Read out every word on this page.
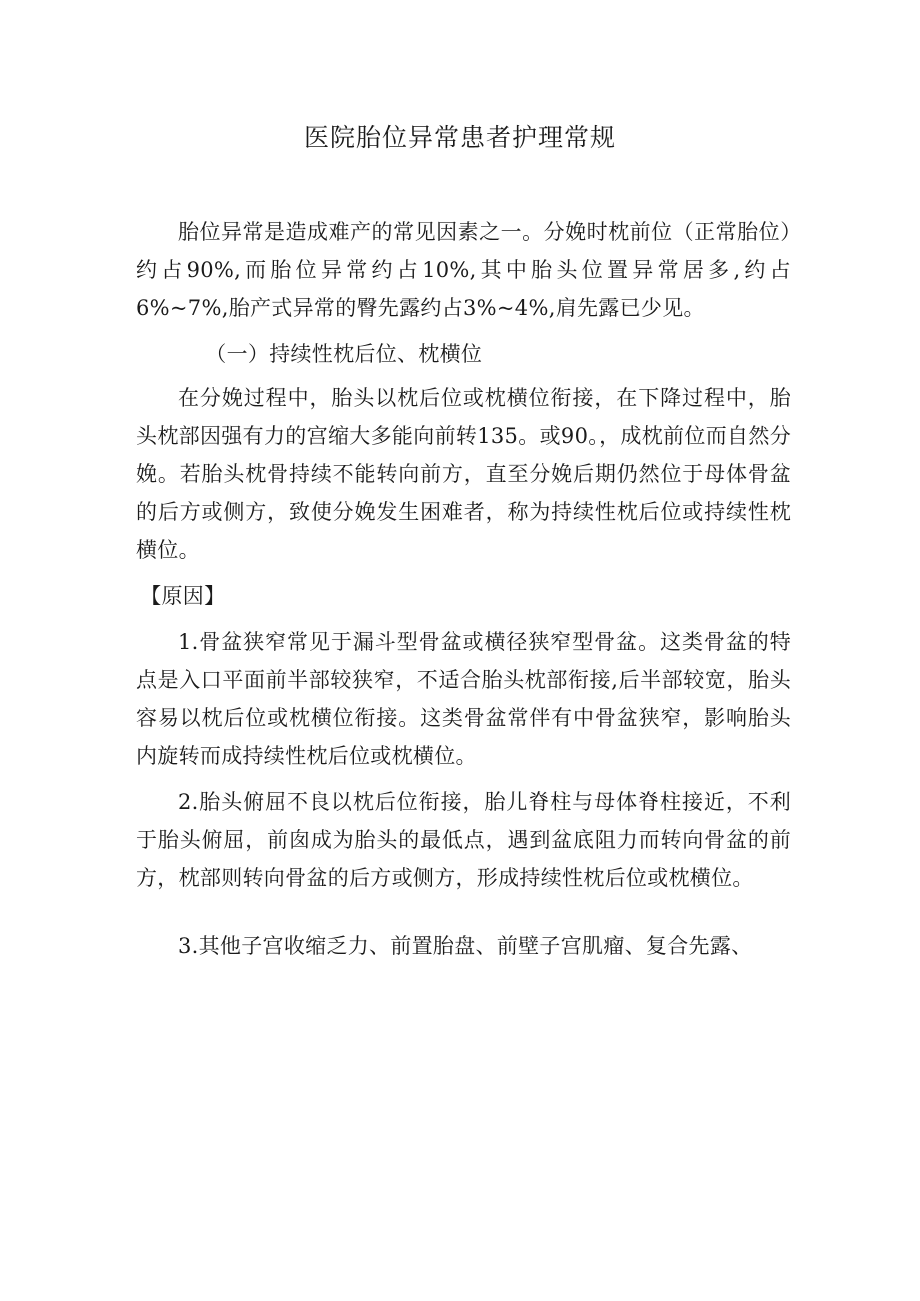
医院胎位异常患者护理常规

胎位异常是造成难产的常见因素之一。分娩时枕前位（正常胎位）约占90%,而胎位异常约占10%,其中胎头位置异常居多,约占6%~7%,胎产式异常的臀先露约占3%~4%,肩先露已少见。

（一）持续性枕后位、枕横位

在分娩过程中，胎头以枕后位或枕横位衔接，在下降过程中，胎头枕部因强有力的宫缩大多能向前转135。或90。，成枕前位而自然分娩。若胎头枕骨持续不能转向前方，直至分娩后期仍然位于母体骨盆的后方或侧方，致使分娩发生困难者，称为持续性枕后位或持续性枕横位。

【原因】

1.骨盆狭窄常见于漏斗型骨盆或横径狭窄型骨盆。这类骨盆的特点是入口平面前半部较狭窄，不适合胎头枕部衔接,后半部较宽，胎头容易以枕后位或枕横位衔接。这类骨盆常伴有中骨盆狭窄，影响胎头内旋转而成持续性枕后位或枕横位。

2.胎头俯屈不良以枕后位衔接，胎儿脊柱与母体脊柱接近，不利于胎头俯屈，前囱成为胎头的最低点，遇到盆底阻力而转向骨盆的前方，枕部则转向骨盆的后方或侧方，形成持续性枕后位或枕横位。

3.其他子宫收缩乏力、前置胎盘、前壁子宫肌瘤、复合先露、
